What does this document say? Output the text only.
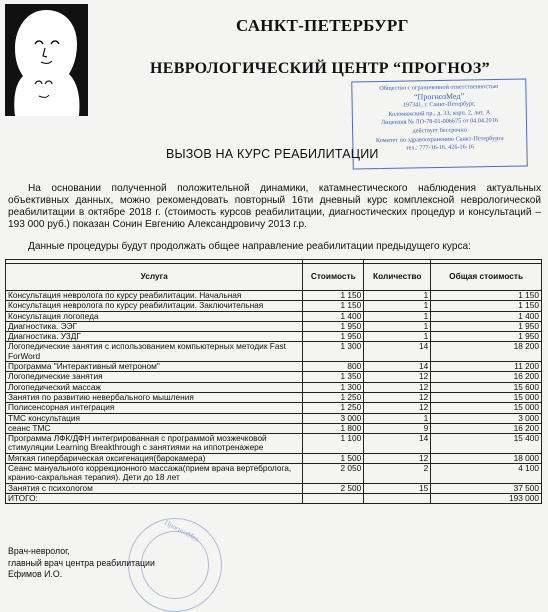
САНКТ-ПЕТЕРБУРГ
НЕВРОЛОГИЧЕСКИЙ ЦЕНТР “ПРОГНОЗ”
Общество с ограниченной ответственностью
“ПрогнозМед”
197341, г. Санкт-Петербург,
Коломяжский пр., д. 33, корп. 2, лит. А
Лицензия № ЛО-78-01-006675 от 04.04.2016
действует бессрочно
Комитет по здравоохранению Санкт-Петербурга
тел.: 777-16-16, 426-16-16
ВЫЗОВ НА КУРС РЕАБИЛИТАЦИИ
На основании полученной положительной динамики, катамнестического наблюдения актуальных объективных данных, можно рекомендовать повторный 16ти дневный курс комплексной неврологической реабилитации в октябре 2018 г. (стоимость курсов реабилитации, диагностических процедур и консультаций – 193 000 руб.) показан Сонин Евгению Александровичу 2013 г.р.
Данные процедуры будут продолжать общее направление реабилитации предыдущего курса:

Услуга	Стоимость	Количество	Общая стоимость
Консультация невролога по курсу реабилитации. Начальная	1 150	1	1 150
Консультация невролога по курсу реабилитации. Заключительная	1 150	1	1 150
Консультация логопеда	1 400	1	1 400
Диагностика. ЭЭГ	1 950	1	1 950
Диагностика. УЗДГ	1 950	1	1 950
Логопедические занятия с использованием компьютерных методик Fast ForWord	1 300	14	18 200
Программа "Интерактивный метроном"	800	14	11 200
Логопедические занятия	1 350	12	16 200
Логопедический массаж	1 300	12	15 600
Занятия по развитию невербального мышления	1 250	12	15 000
Полисенсорная интеграция	1 250	12	15 000
ТМС консультация	3 000	1	3 000
сеанс ТМС	1 800	9	16 200
Программа ЛФК/ДФН интегрированная с программой мозжечковой стимуляции Learning Breakthrough с занятиями на иппотренажере	1 100	14	15 400
Мягкая гипербарическая оксигенация(барокамера)	1 500	12	18 000
Сеанс мануального коррекционного массажа(прием врача вертебролога, кранио-сакральная терапия). Дети до 18 лет	2 050	2	4 100
Занятия с психологом	2 500	15	37 500
ИТОГО:			193 000
ПрогнозМед
Врач-невролог,
главный врач центра реабилитации
Ефимов И.О.
